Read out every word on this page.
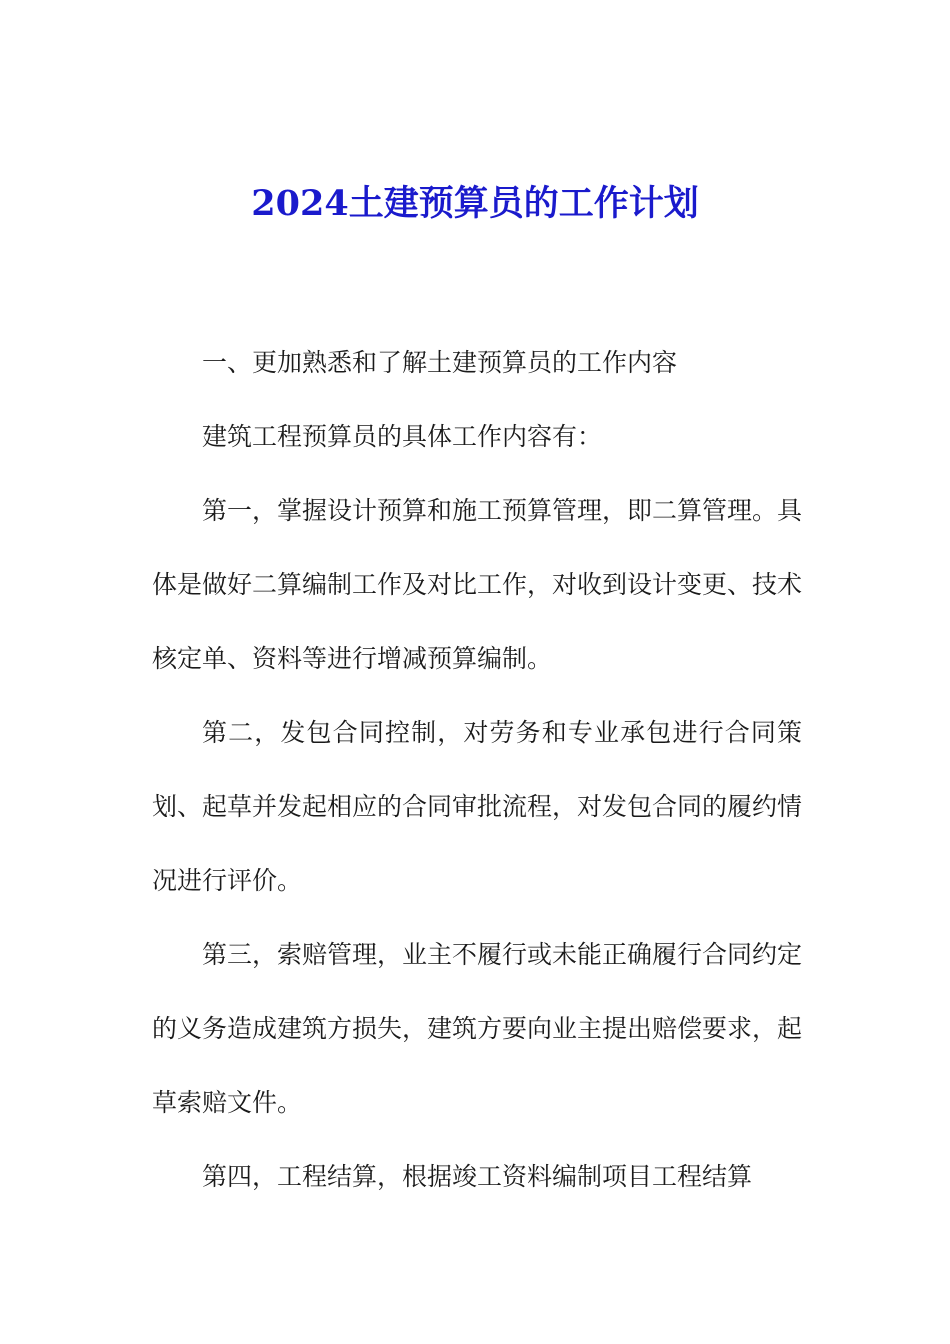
2024土建预算员的工作计划

一、更加熟悉和了解土建预算员的工作内容

建筑工程预算员的具体工作内容有：

第一，掌握设计预算和施工预算管理，即二算管理。具体是做好二算编制工作及对比工作，对收到设计变更、技术核定单、资料等进行增减预算编制。

第二，发包合同控制，对劳务和专业承包进行合同策划、起草并发起相应的合同审批流程，对发包合同的履约情况进行评价。

第三，索赔管理，业主不履行或未能正确履行合同约定的义务造成建筑方损失，建筑方要向业主提出赔偿要求，起草索赔文件。

第四，工程结算，根据竣工资料编制项目工程结算
